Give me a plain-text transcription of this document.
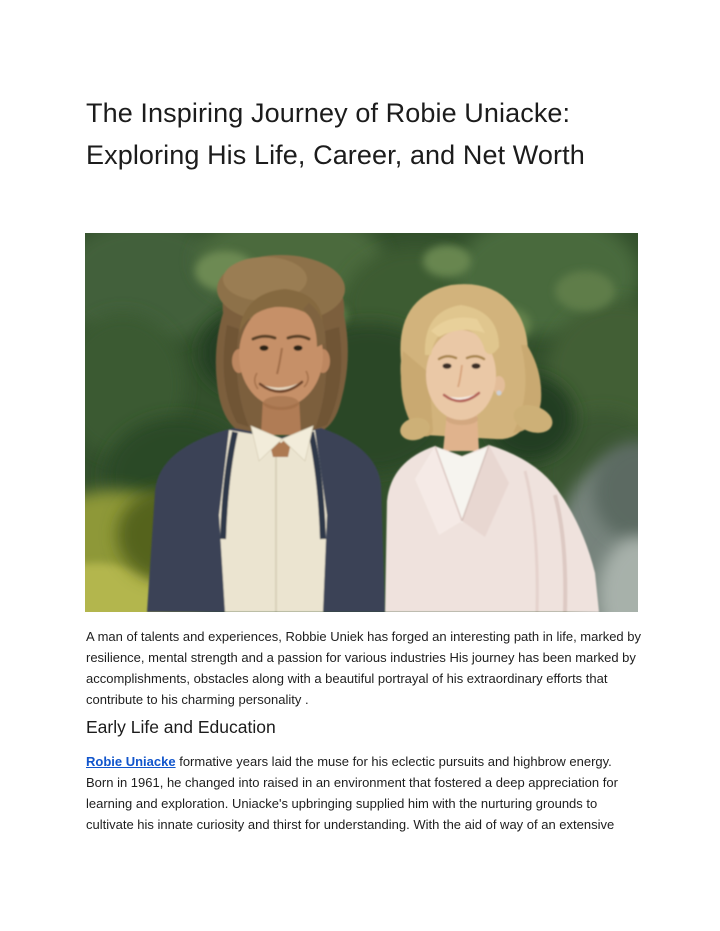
The Inspiring Journey of Robie Uniacke: Exploring His Life, Career, and Net Worth

A man of talents and experiences, Robbie Uniek has forged an interesting path in life, marked by resilience, mental strength and a passion for various industries His journey has been marked by accomplishments, obstacles along with a beautiful portrayal of his extraordinary efforts that contribute to his charming personality .

Early Life and Education

Robie Uniacke formative years laid the muse for his eclectic pursuits and highbrow energy. Born in 1961, he changed into raised in an environment that fostered a deep appreciation for learning and exploration. Uniacke's upbringing supplied him with the nurturing grounds to cultivate his innate curiosity and thirst for understanding. With the aid of way of an extensive
